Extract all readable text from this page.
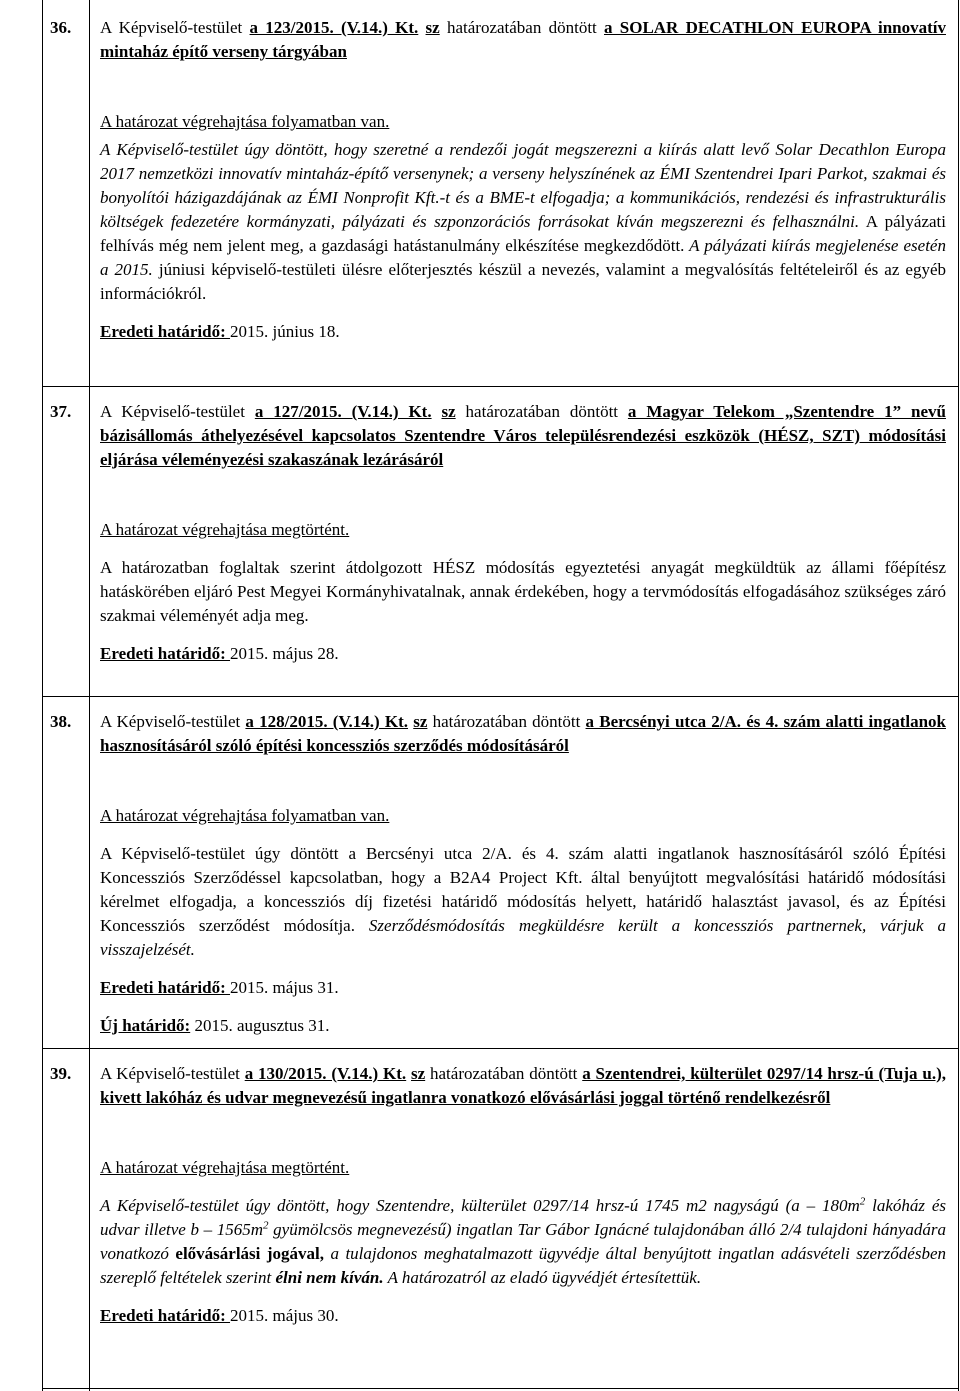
36.	A Képviselő-testület a 123/2015. (V.14.) Kt. sz határozatában döntött a SOLAR DECATHLON EUROPA innovatív mintaház építő verseny tárgyában

A határozat végrehajtása folyamatban van.

A Képviselő-testület úgy döntött, hogy szeretné a rendezői jogát megszerezni a kiírás alatt levő Solar Decathlon Europa 2017 nemzetközi innovatív mintaház-építő versenynek; a verseny helyszínének az ÉMI Szentendrei Ipari Parkot, szakmai és bonyolítói házigazdájának az ÉMI Nonprofit Kft.-t és a BME-t elfogadja; a kommunikációs, rendezési és infrastrukturális költségek fedezetére kormányzati, pályázati és szponzorációs forrásokat kíván megszerezni és felhasználni. A pályázati felhívás még nem jelent meg, a gazdasági hatástanulmány elkészítése megkezdődött. A pályázati kiírás megjelenése esetén a 2015. júniusi képviselő-testületi ülésre előterjesztés készül a nevezés, valamint a megvalósítás feltételeiről és az egyéb információkról.

Eredeti határidő: 2015. június 18.

37.	A Képviselő-testület a 127/2015. (V.14.) Kt. sz határozatában döntött a Magyar Telekom „Szentendre 1” nevű bázisállomás áthelyezésével kapcsolatos Szentendre Város településrendezési eszközök (HÉSZ, SZT) módosítási eljárása véleményezési szakaszának lezárásáról

A határozat végrehajtása megtörtént.

A határozatban foglaltak szerint átdolgozott HÉSZ módosítás egyeztetési anyagát megküldtük az állami főépítész hatáskörében eljáró Pest Megyei Kormányhivatalnak, annak érdekében, hogy a tervmódosítás elfogadásához szükséges záró szakmai véleményét adja meg.

Eredeti határidő: 2015. május 28.

38.	A Képviselő-testület a 128/2015. (V.14.) Kt. sz határozatában döntött a Bercsényi utca 2/A. és 4. szám alatti ingatlanok hasznosításáról szóló építési koncessziós szerződés módosításáról

A határozat végrehajtása folyamatban van.

A Képviselő-testület úgy döntött a Bercsényi utca 2/A. és 4. szám alatti ingatlanok hasznosításáról szóló Építési Koncessziós Szerződéssel kapcsolatban, hogy a B2A4 Project Kft. által benyújtott megvalósítási határidő módosítási kérelmet elfogadja, a koncessziós díj fizetési határidő módosítás helyett, határidő halasztást javasol, és az Építési Koncessziós szerződést módosítja. Szerződésmódosítás megküldésre került a koncessziós partnernek, várjuk a visszajelzését.

Eredeti határidő: 2015. május 31.

Új határidő: 2015. augusztus 31.

39.	A Képviselő-testület a 130/2015. (V.14.) Kt. sz határozatában döntött a Szentendrei, külterület 0297/14 hrsz-ú (Tuja u.), kivett lakóház és udvar megnevezésű ingatlanra vonatkozó elővásárlási joggal történő rendelkezésről

A határozat végrehajtása megtörtént.

A Képviselő-testület úgy döntött, hogy Szentendre, külterület 0297/14 hrsz-ú 1745 m2 nagyságú ($a - 180m^2$ lakóház és udvar illetve b – $1565m^2$ gyümölcsös megnevezésű) ingatlan Tar Gábor Ignácné tulajdonában álló 2/4 tulajdoni hányadára vonatkozó elővásárlási jogával, a tulajdonos meghatalmazott ügyvédje által benyújtott ingatlan adásvételi szerződésben szereplő feltételek szerint élni nem kíván. A határozatról az eladó ügyvédjét értesítettük.

Eredeti határidő: 2015. május 30.
